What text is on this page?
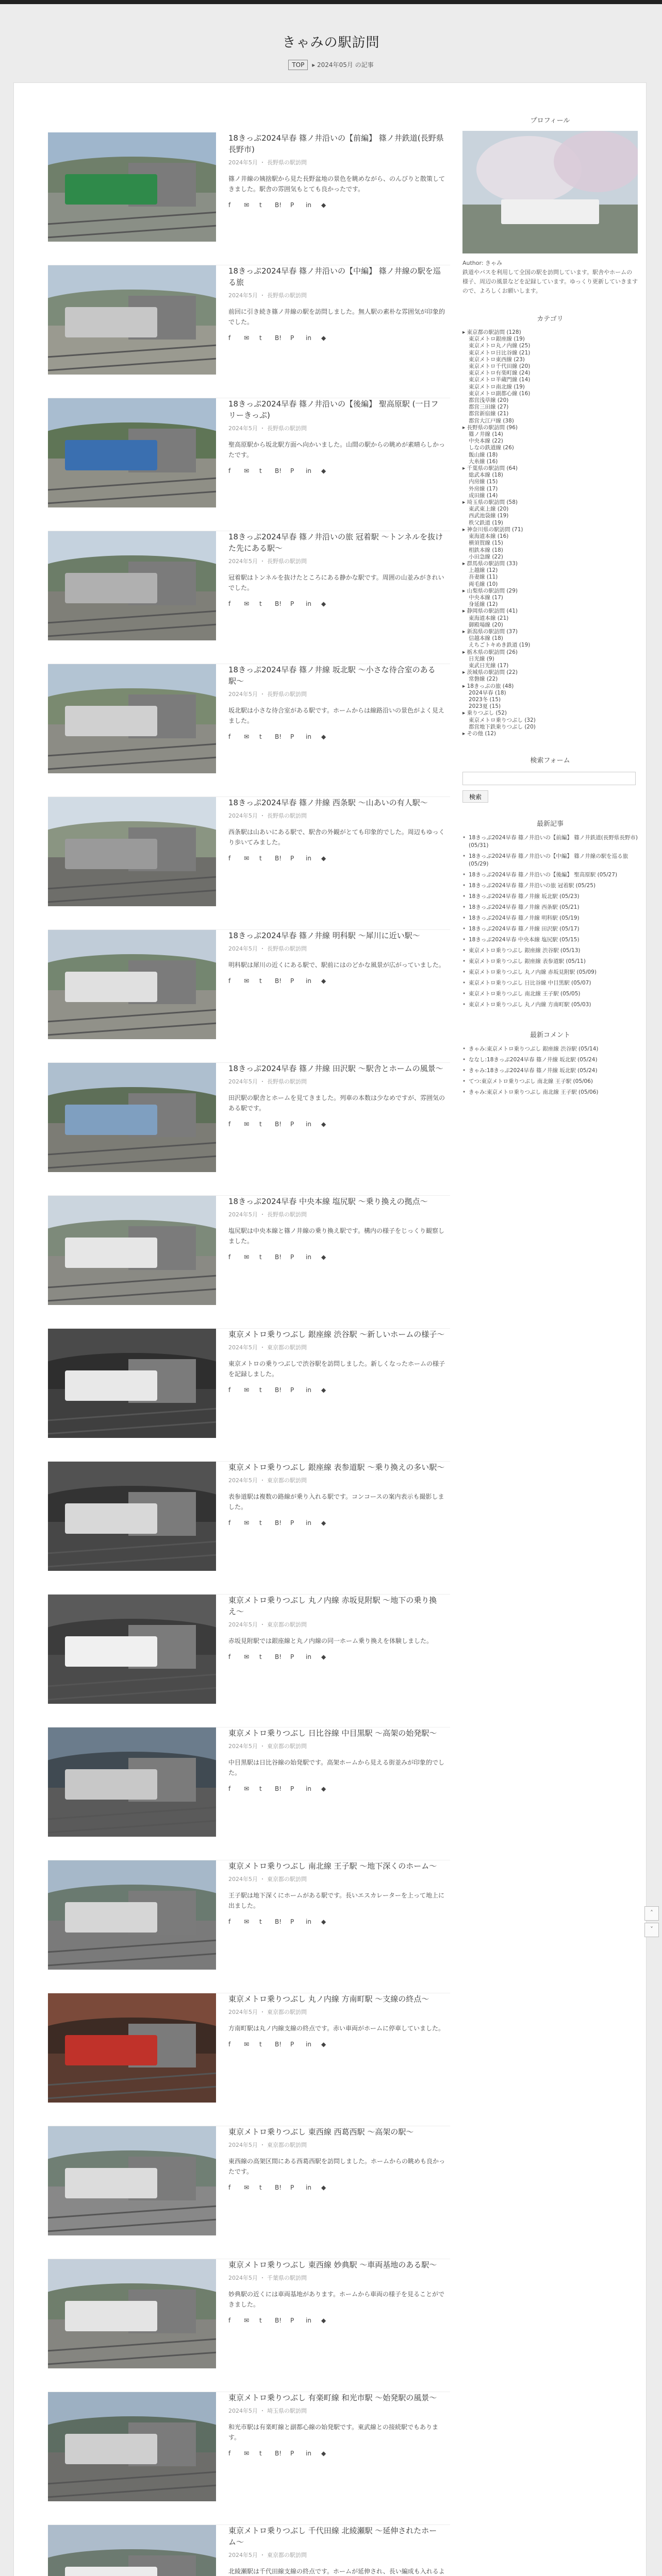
きゃみの駅訪問
TOP ▸ 2024年05月 の記事
18きっぷ2024早春 篠ノ井沿いの【前編】 篠ノ井鉄道(長野県長野市)
2024年5月 ・ 長野県の駅訪問
篠ノ井線の姨捨駅から見た長野盆地の景色を眺めながら、のんびりと散策してきました。駅舎の雰囲気もとても良かったです。
f ✉ t B! P in ◆
18きっぷ2024早春 篠ノ井沿いの【中編】 篠ノ井線の駅を巡る旅
2024年5月 ・ 長野県の駅訪問
前回に引き続き篠ノ井線の駅を訪問しました。無人駅の素朴な雰囲気が印象的でした。
f ✉ t B! P in ◆
18きっぷ2024早春 篠ノ井沿いの【後編】 聖高原駅 (一日フリーきっぷ)
2024年5月 ・ 長野県の駅訪問
聖高原駅から坂北駅方面へ向かいました。山間の駅からの眺めが素晴らしかったです。
f ✉ t B! P in ◆
18きっぷ2024早春 篠ノ井沿いの旅 冠着駅 〜トンネルを抜けた先にある駅〜
2024年5月 ・ 長野県の駅訪問
冠着駅はトンネルを抜けたところにある静かな駅です。周囲の山並みがきれいでした。
f ✉ t B! P in ◆
18きっぷ2024早春 篠ノ井線 坂北駅 〜小さな待合室のある駅〜
2024年5月 ・ 長野県の駅訪問
坂北駅は小さな待合室がある駅です。ホームからは線路沿いの景色がよく見えました。
f ✉ t B! P in ◆
18きっぷ2024早春 篠ノ井線 西条駅 〜山あいの有人駅〜
2024年5月 ・ 長野県の駅訪問
西条駅は山あいにある駅で、駅舎の外観がとても印象的でした。周辺もゆっくり歩いてみました。
f ✉ t B! P in ◆
18きっぷ2024早春 篠ノ井線 明科駅 〜犀川に近い駅〜
2024年5月 ・ 長野県の駅訪問
明科駅は犀川の近くにある駅で、駅前にはのどかな風景が広がっていました。
f ✉ t B! P in ◆
18きっぷ2024早春 篠ノ井線 田沢駅 〜駅舎とホームの風景〜
2024年5月 ・ 長野県の駅訪問
田沢駅の駅舎とホームを見てきました。列車の本数は少なめですが、雰囲気のある駅です。
f ✉ t B! P in ◆
18きっぷ2024早春 中央本線 塩尻駅 〜乗り換えの拠点〜
2024年5月 ・ 長野県の駅訪問
塩尻駅は中央本線と篠ノ井線の乗り換え駅です。構内の様子をじっくり観察しました。
f ✉ t B! P in ◆
東京メトロ乗りつぶし 銀座線 渋谷駅 〜新しいホームの様子〜
2024年5月 ・ 東京都の駅訪問
東京メトロの乗りつぶしで渋谷駅を訪問しました。新しくなったホームの様子を記録しました。
f ✉ t B! P in ◆
東京メトロ乗りつぶし 銀座線 表参道駅 〜乗り換えの多い駅〜
2024年5月 ・ 東京都の駅訪問
表参道駅は複数の路線が乗り入れる駅です。コンコースの案内表示も撮影しました。
f ✉ t B! P in ◆
東京メトロ乗りつぶし 丸ノ内線 赤坂見附駅 〜地下の乗り換え〜
2024年5月 ・ 東京都の駅訪問
赤坂見附駅では銀座線と丸ノ内線の同一ホーム乗り換えを体験しました。
f ✉ t B! P in ◆
東京メトロ乗りつぶし 日比谷線 中目黒駅 〜高架の始発駅〜
2024年5月 ・ 東京都の駅訪問
中目黒駅は日比谷線の始発駅です。高架ホームから見える街並みが印象的でした。
f ✉ t B! P in ◆
東京メトロ乗りつぶし 南北線 王子駅 〜地下深くのホーム〜
2024年5月 ・ 東京都の駅訪問
王子駅は地下深くにホームがある駅です。長いエスカレーターを上って地上に出ました。
f ✉ t B! P in ◆
東京メトロ乗りつぶし 丸ノ内線 方南町駅 〜支線の終点〜
2024年5月 ・ 東京都の駅訪問
方南町駅は丸ノ内線支線の終点です。赤い車両がホームに停車していました。
f ✉ t B! P in ◆
東京メトロ乗りつぶし 東西線 西葛西駅 〜高架の駅〜
2024年5月 ・ 東京都の駅訪問
東西線の高架区間にある西葛西駅を訪問しました。ホームからの眺めも良かったです。
f ✉ t B! P in ◆
東京メトロ乗りつぶし 東西線 妙典駅 〜車両基地のある駅〜
2024年5月 ・ 千葉県の駅訪問
妙典駅の近くには車両基地があります。ホームから車両の様子を見ることができました。
f ✉ t B! P in ◆
東京メトロ乗りつぶし 有楽町線 和光市駅 〜始発駅の風景〜
2024年5月 ・ 埼玉県の駅訪問
和光市駅は有楽町線と副都心線の始発駅です。東武線との接続駅でもあります。
f ✉ t B! P in ◆
東京メトロ乗りつぶし 千代田線 北綾瀬駅 〜延伸されたホーム〜
2024年5月 ・ 東京都の駅訪問
北綾瀬駅は千代田線支線の終点です。ホームが延伸され、長い編成も入れるよ
プロフィール
Author: きゃみ
鉄道やバスを利用して全国の駅を訪問しています。駅舎やホームの様子、周辺の風景などを記録しています。ゆっくり更新していきますので、よろしくお願いします。
カテゴリ
▸ 東京都の駅訪問 (128)
東京メトロ銀座線 (19)
東京メトロ丸ノ内線 (25)
東京メトロ日比谷線 (21)
東京メトロ東西線 (23)
東京メトロ千代田線 (20)
東京メトロ有楽町線 (24)
東京メトロ半蔵門線 (14)
東京メトロ南北線 (19)
東京メトロ副都心線 (16)
都営浅草線 (20)
都営三田線 (27)
都営新宿線 (21)
都営大江戸線 (38)
▸ 長野県の駅訪問 (96)
篠ノ井線 (14)
中央本線 (22)
しなの鉄道線 (26)
飯山線 (18)
大糸線 (16)
▸ 千葉県の駅訪問 (64)
総武本線 (18)
内房線 (15)
外房線 (17)
成田線 (14)
▸ 埼玉県の駅訪問 (58)
東武東上線 (20)
西武池袋線 (19)
秩父鉄道 (19)
▸ 神奈川県の駅訪問 (71)
東海道本線 (16)
横須賀線 (15)
相鉄本線 (18)
小田急線 (22)
▸ 群馬県の駅訪問 (33)
上越線 (12)
吾妻線 (11)
両毛線 (10)
▸ 山梨県の駅訪問 (29)
中央本線 (17)
身延線 (12)
▸ 静岡県の駅訪問 (41)
東海道本線 (21)
御殿場線 (20)
▸ 新潟県の駅訪問 (37)
信越本線 (18)
えちごトキめき鉄道 (19)
▸ 栃木県の駅訪問 (26)
日光線 (9)
東武日光線 (17)
▸ 茨城県の駅訪問 (22)
常磐線 (22)
▸ 18きっぷの旅 (48)
2024早春 (18)
2023冬 (15)
2023夏 (15)
▸ 乗りつぶし (52)
東京メトロ乗りつぶし (32)
都営地下鉄乗りつぶし (20)
▸ その他 (12)
検索フォーム
検索
最新記事
• 18きっぷ2024早春 篠ノ井沿いの【前編】 篠ノ井鉄道(長野県長野市) (05/31)
• 18きっぷ2024早春 篠ノ井沿いの【中編】 篠ノ井線の駅を巡る旅 (05/29)
• 18きっぷ2024早春 篠ノ井沿いの【後編】 聖高原駅 (05/27)
• 18きっぷ2024早春 篠ノ井沿いの旅 冠着駅 (05/25)
• 18きっぷ2024早春 篠ノ井線 坂北駅 (05/23)
• 18きっぷ2024早春 篠ノ井線 西条駅 (05/21)
• 18きっぷ2024早春 篠ノ井線 明科駅 (05/19)
• 18きっぷ2024早春 篠ノ井線 田沢駅 (05/17)
• 18きっぷ2024早春 中央本線 塩尻駅 (05/15)
• 東京メトロ乗りつぶし 銀座線 渋谷駅 (05/13)
• 東京メトロ乗りつぶし 銀座線 表参道駅 (05/11)
• 東京メトロ乗りつぶし 丸ノ内線 赤坂見附駅 (05/09)
• 東京メトロ乗りつぶし 日比谷線 中目黒駅 (05/07)
• 東京メトロ乗りつぶし 南北線 王子駅 (05/05)
• 東京メトロ乗りつぶし 丸ノ内線 方南町駅 (05/03)
最新コメント
• きゃみ:東京メトロ乗りつぶし 銀座線 渋谷駅 (05/14)
• ななし:18きっぷ2024早春 篠ノ井線 坂北駅 (05/24)
• きゃみ:18きっぷ2024早春 篠ノ井線 坂北駅 (05/24)
• てつ:東京メトロ乗りつぶし 南北線 王子駅 (05/06)
• きゃみ:東京メトロ乗りつぶし 南北線 王子駅 (05/06)
˄
˅
